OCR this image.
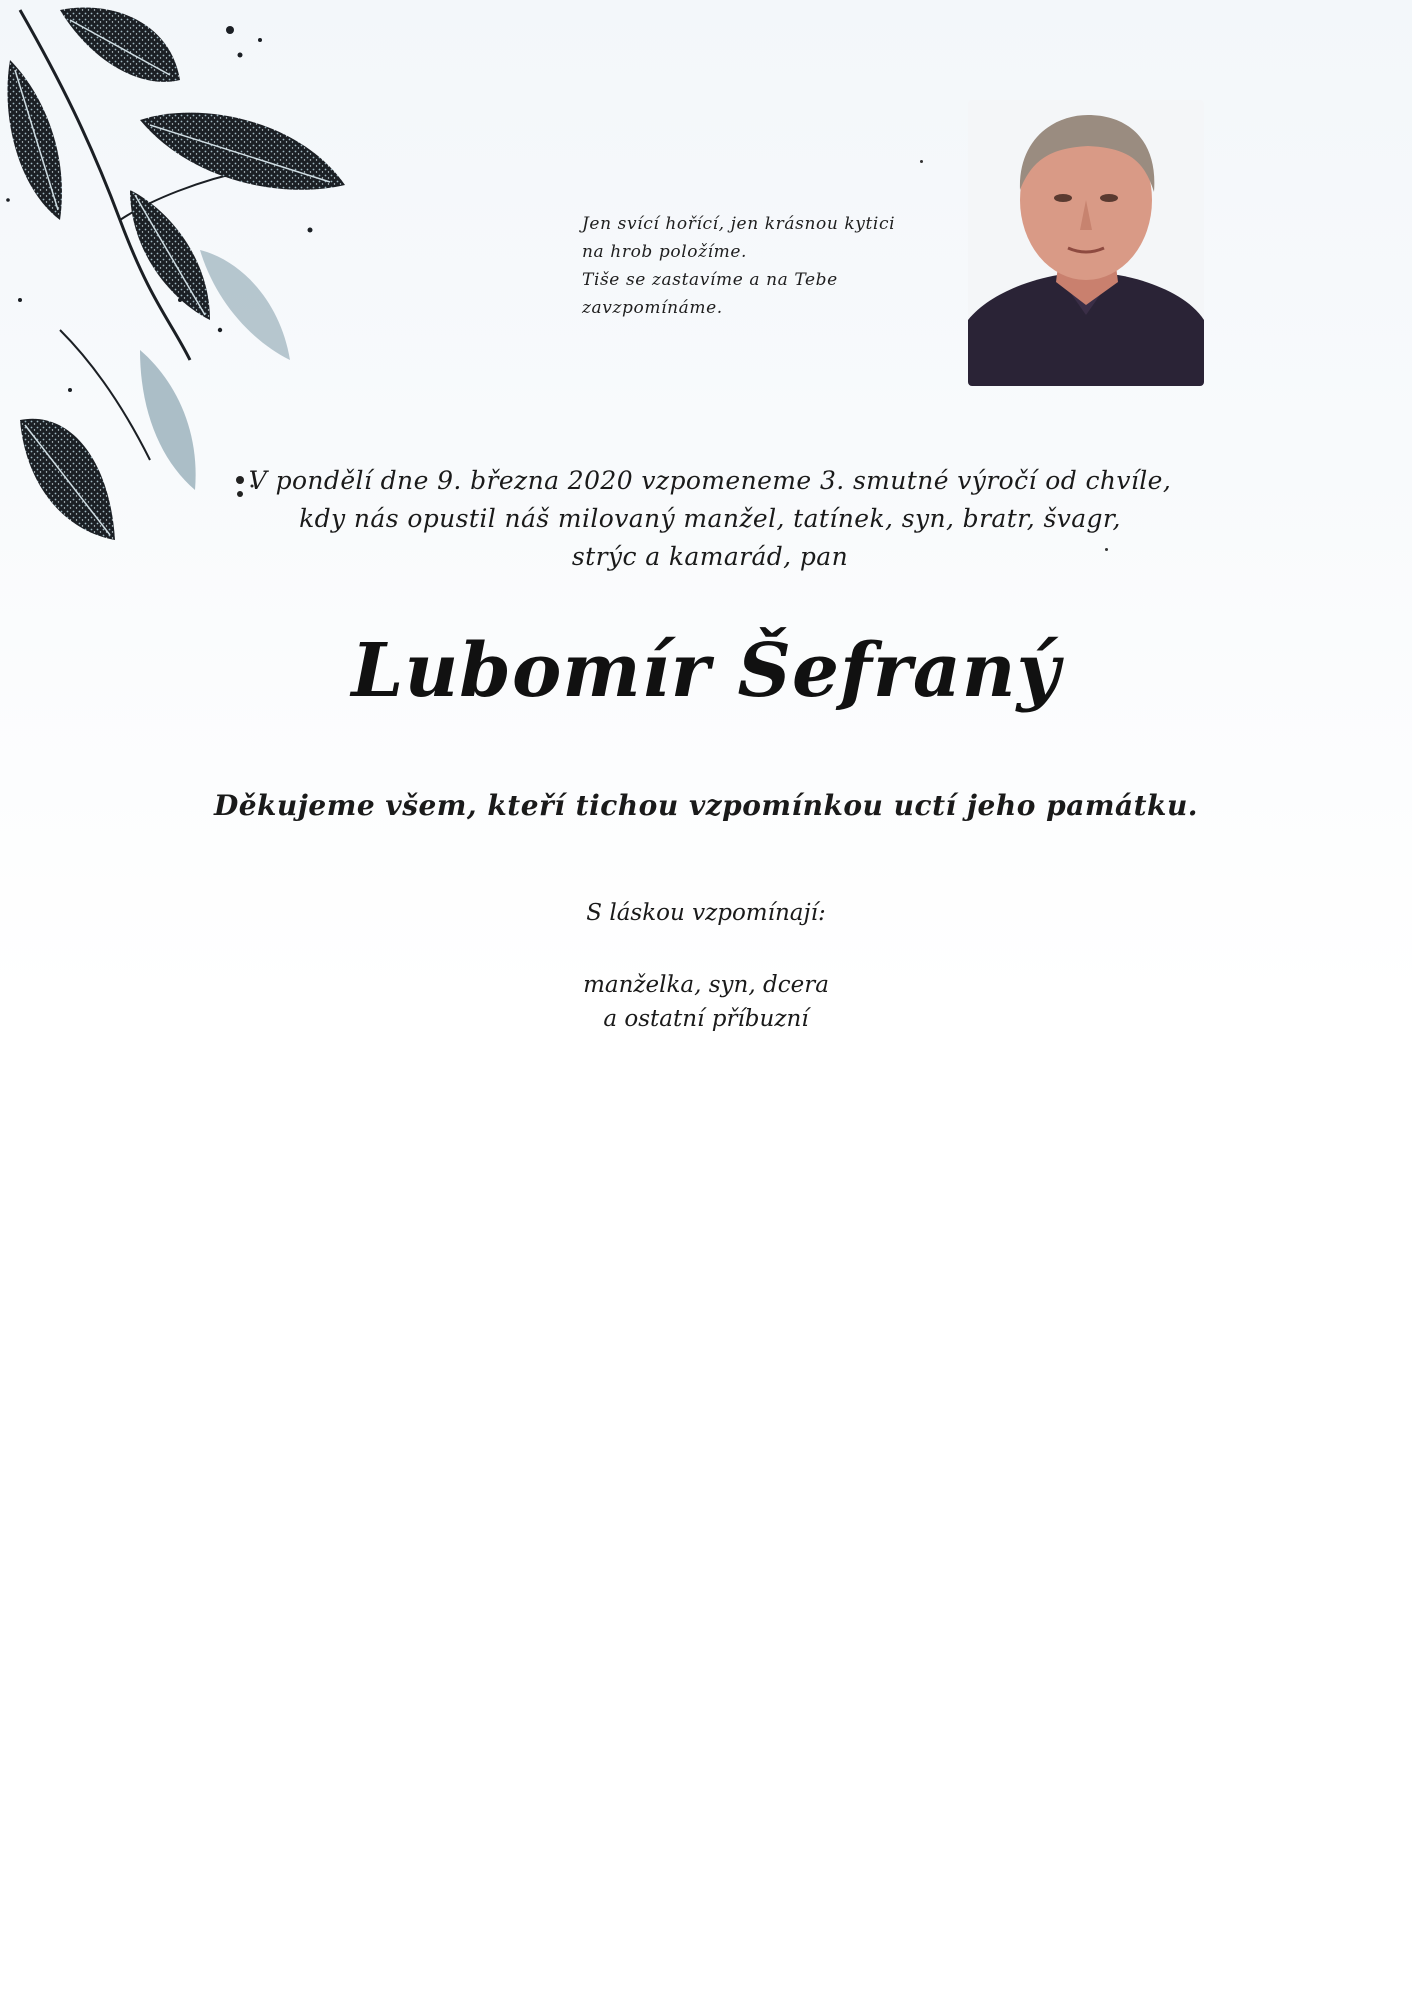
Jen svící hořící, jen krásnou kytici
na hrob položíme.
Tiše se zastavíme a na Tebe
zavzpomínáme.
V pondělí dne 9. března 2020 vzpomeneme 3. smutné výročí od chvíle,
kdy nás opustil náš milovaný manžel, tatínek, syn, bratr, švagr,
strýc a kamarád, pan
Lubomír Šefraný
Děkujeme všem, kteří tichou vzpomínkou uctí jeho památku.
S láskou vzpomínají:
manželka, syn, dcera
a ostatní příbuzní
